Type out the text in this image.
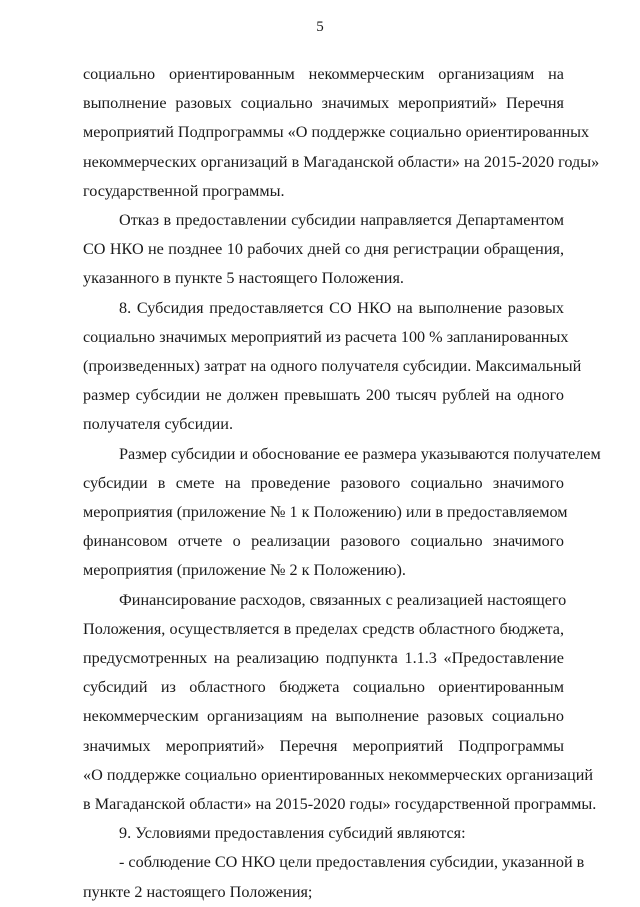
5
социально ориентированным некоммерческим организациям на
выполнение разовых социально значимых мероприятий» Перечня
мероприятий Подпрограммы «О поддержке социально ориентированных
некоммерческих организаций в Магаданской области» на 2015-2020 годы»
государственной программы.
Отказ в предоставлении субсидии направляется Департаментом
СО НКО не позднее 10 рабочих дней со дня регистрации обращения,
указанного в пункте 5 настоящего Положения.
8. Субсидия предоставляется СО НКО на выполнение разовых
социально значимых мероприятий из расчета 100 % запланированных
(произведенных) затрат на одного получателя субсидии. Максимальный
размер субсидии не должен превышать 200 тысяч рублей на одного
получателя субсидии.
Размер субсидии и обоснование ее размера указываются получателем
субсидии в смете на проведение разового социально значимого
мероприятия (приложение № 1 к Положению) или в предоставляемом
финансовом отчете о реализации разового социально значимого
мероприятия (приложение № 2 к Положению).
Финансирование расходов, связанных с реализацией настоящего
Положения, осуществляется в пределах средств областного бюджета,
предусмотренных на реализацию подпункта 1.1.3 «Предоставление
субсидий из областного бюджета социально ориентированным
некоммерческим организациям на выполнение разовых социально
значимых мероприятий» Перечня мероприятий Подпрограммы
«О поддержке социально ориентированных некоммерческих организаций
в Магаданской области» на 2015-2020 годы» государственной программы.
9. Условиями предоставления субсидий являются:
- соблюдение СО НКО цели предоставления субсидии, указанной в
пункте 2 настоящего Положения;
